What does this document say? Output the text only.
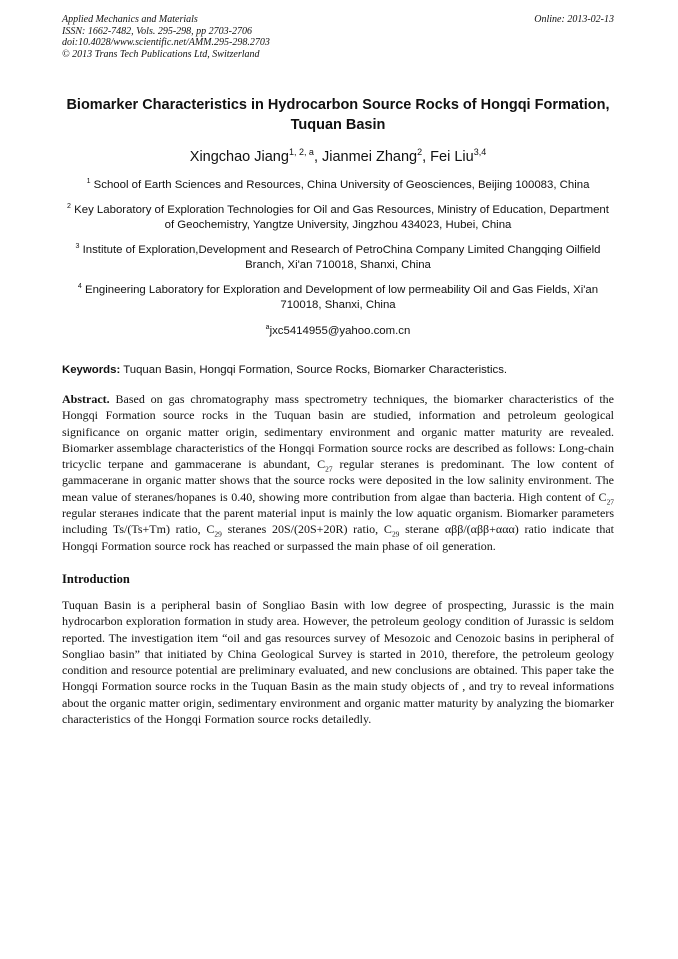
Applied Mechanics and Materials
ISSN: 1662-7482, Vols. 295-298, pp 2703-2706
doi:10.4028/www.scientific.net/AMM.295-298.2703
© 2013 Trans Tech Publications Ltd, Switzerland
Online: 2013-02-13
Biomarker Characteristics in Hydrocarbon Source Rocks of Hongqi Formation, Tuquan Basin
Xingchao Jiang$^{1, 2, a}$, Jianmei Zhang$^2$, Fei Liu$^{3,4}$
$^1$ School of Earth Sciences and Resources, China University of Geosciences, Beijing 100083, China
$^2$ Key Laboratory of Exploration Technologies for Oil and Gas Resources, Ministry of Education, Department of Geochemistry, Yangtze University, Jingzhou 434023, Hubei, China
$^3$ Institute of Exploration,Development and Research of PetroChina Company Limited Changqing Oilfield Branch, Xi'an 710018, Shanxi, China
$^4$ Engineering Laboratory for Exploration and Development of low permeability Oil and Gas Fields, Xi'an 710018, Shanxi, China
$^a$jxc5414955@yahoo.com.cn
Keywords: Tuquan Basin, Hongqi Formation, Source Rocks, Biomarker Characteristics.
Abstract. Based on gas chromatography mass spectrometry techniques, the biomarker characteristics of the Hongqi Formation source rocks in the Tuquan basin are studied, information and petroleum geological significance on organic matter origin, sedimentary environment and organic matter maturity are revealed. Biomarker assemblage characteristics of the Hongqi Formation source rocks are described as follows: Long-chain tricyclic terpane and gammacerane is abundant, $C_{27}$ regular steranes is predominant. The low content of gammacerane in organic matter shows that the source rocks were deposited in the low salinity environment. The mean value of steranes/hopanes is 0.40, showing more contribution from algae than bacteria. High content of $C_{27}$ regular sterанes indicate that the parent material input is mainly the low aquatic organism. Biomarker parameters including Ts/(Ts+Tm) ratio, $C_{29}$ steranes 20S/(20S+20R) ratio, $C_{29}$ sterane αββ/(αββ+ααα) ratio indicate that Hongqi Formation source rock has reached or surpassed the main phase of oil generation.
Introduction
Tuquan Basin is a peripheral basin of Songliao Basin with low degree of prospecting, Jurassic is the main hydrocarbon exploration formation in study area. However, the petroleum geology condition of Jurassic is seldom reported. The investigation item “oil and gas resources survey of Mesozoic and Cenozoic basins in peripheral of Songliao basin” that initiated by China Geological Survey is started in 2010, therefore, the petroleum geology condition and resource potential are preliminary evaluated, and new conclusions are obtained. This paper take the Hongqi Formation source rocks in the Tuquan Basin as the main study objects of , and try to reveal informations about the organic matter origin, sedimentary environment and organic matter maturity by analyzing the biomarker characteristics of the Hongqi Formation source rocks detailedly.
